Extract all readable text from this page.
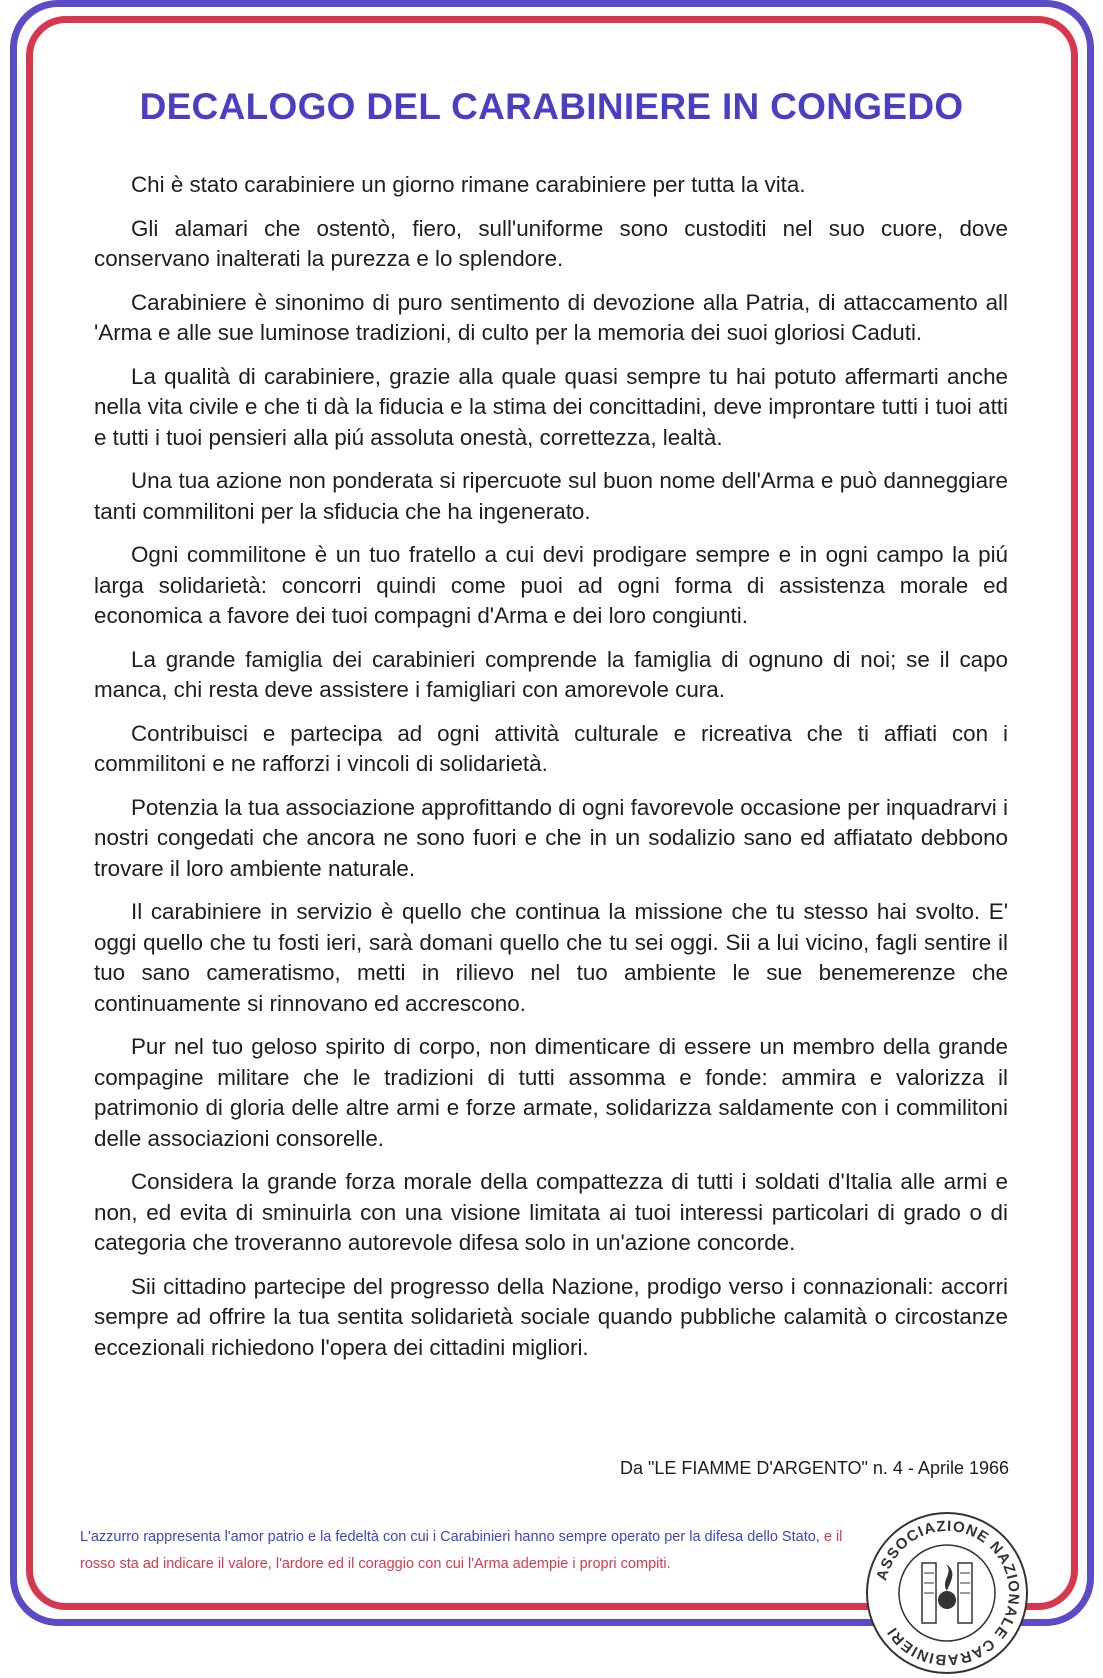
DECALOGO DEL CARABINIERE IN CONGEDO

Chi è stato carabiniere un giorno rimane carabiniere per tutta la vita.

Gli alamari che ostentò, fiero, sull'uniforme sono custoditi nel suo cuore, dove conservano inalterati la purezza e lo splendore.

Carabiniere è sinonimo di puro sentimento di devozione alla Patria, di attaccamento all 'Arma e alle sue luminose tradizioni, di culto per la memoria dei suoi gloriosi Caduti.

La qualità di carabiniere, grazie alla quale quasi sempre tu hai potuto affermarti anche nella vita civile e che ti dà la fiducia e la stima dei concittadini, deve improntare tutti i tuoi atti e tutti i tuoi pensieri alla piú assoluta onestà, correttezza, lealtà.

Una tua azione non ponderata si ripercuote sul buon nome dell'Arma e può danneggiare tanti commilitoni per la sfiducia che ha ingenerato.

Ogni commilitone è un tuo fratello a cui devi prodigare sempre e in ogni campo la piú larga solidarietà: concorri quindi come puoi ad ogni forma di assistenza morale ed economica a favore dei tuoi compagni d'Arma e dei loro congiunti.

La grande famiglia dei carabinieri comprende la famiglia di ognuno di noi; se il capo manca, chi resta deve assistere i famigliari con amorevole cura.

Contribuisci e partecipa ad ogni attività culturale e ricreativa che ti affiati con i commilitoni e ne rafforzi i vincoli di solidarietà.

Potenzia la tua associazione approfittando di ogni favorevole occasione per inquadrarvi i nostri congedati che ancora ne sono fuori e che in un sodalizio sano ed affiatato debbono trovare il loro ambiente naturale.

Il carabiniere in servizio è quello che continua la missione che tu stesso hai svolto. E' oggi quello che tu fosti ieri, sarà domani quello che tu sei oggi. Sii a lui vicino, fagli sentire il tuo sano cameratismo, metti in rilievo nel tuo ambiente le sue benemerenze che continuamente si rinnovano ed accrescono.

Pur nel tuo geloso spirito di corpo, non dimenticare di essere un membro della grande compagine militare che le tradizioni di tutti assomma e fonde: ammira e valorizza il patrimonio di gloria delle altre armi e forze armate, solidarizza saldamente con i commilitoni delle associazioni consorelle.

Considera la grande forza morale della compattezza di tutti i soldati d'Italia alle armi e non, ed evita di sminuirla con una visione limitata ai tuoi interessi particolari di grado o di categoria che troveranno autorevole difesa solo in un'azione concorde.

Sii cittadino partecipe del progresso della Nazione, prodigo verso i connazionali: accorri sempre ad offrire la tua sentita solidarietà sociale quando pubbliche calamità o circostanze eccezionali richiedono l'opera dei cittadini migliori.

Da "LE FIAMME D'ARGENTO" n. 4 - Aprile 1966
L'azzurro rappresenta l'amor patrio e la fedeltà con cui i Carabinieri hanno sempre operato per la difesa dello Stato, e il rosso sta ad indicare il valore, l'ardore ed il coraggio con cui l'Arma adempie i propri compiti.
ASSOCIAZIONE NAZIONALE CARABINIERI
